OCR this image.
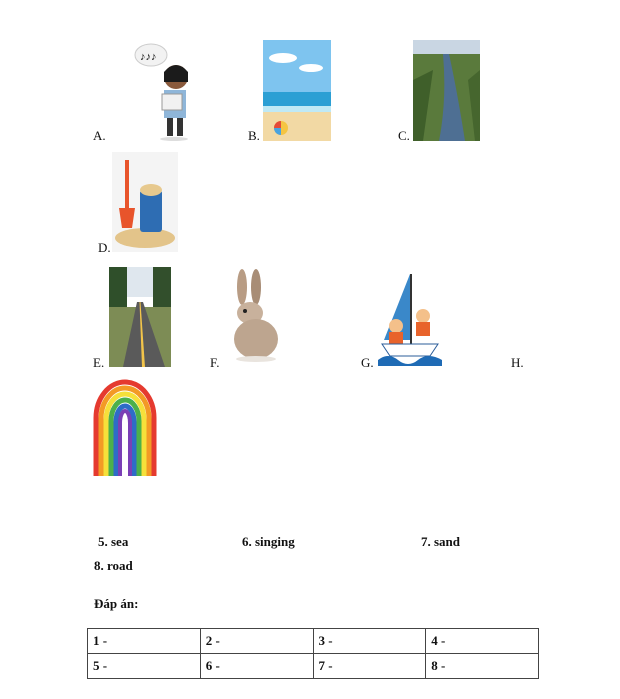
A.
♪♪♪
B.	C.
D.
E.	F.	G.	H.
5. sea	6. singing	7. sand
8. road
Đáp án:
1 -	2 -	3 -	4 -
5 -	6 -	7 -	8 -
